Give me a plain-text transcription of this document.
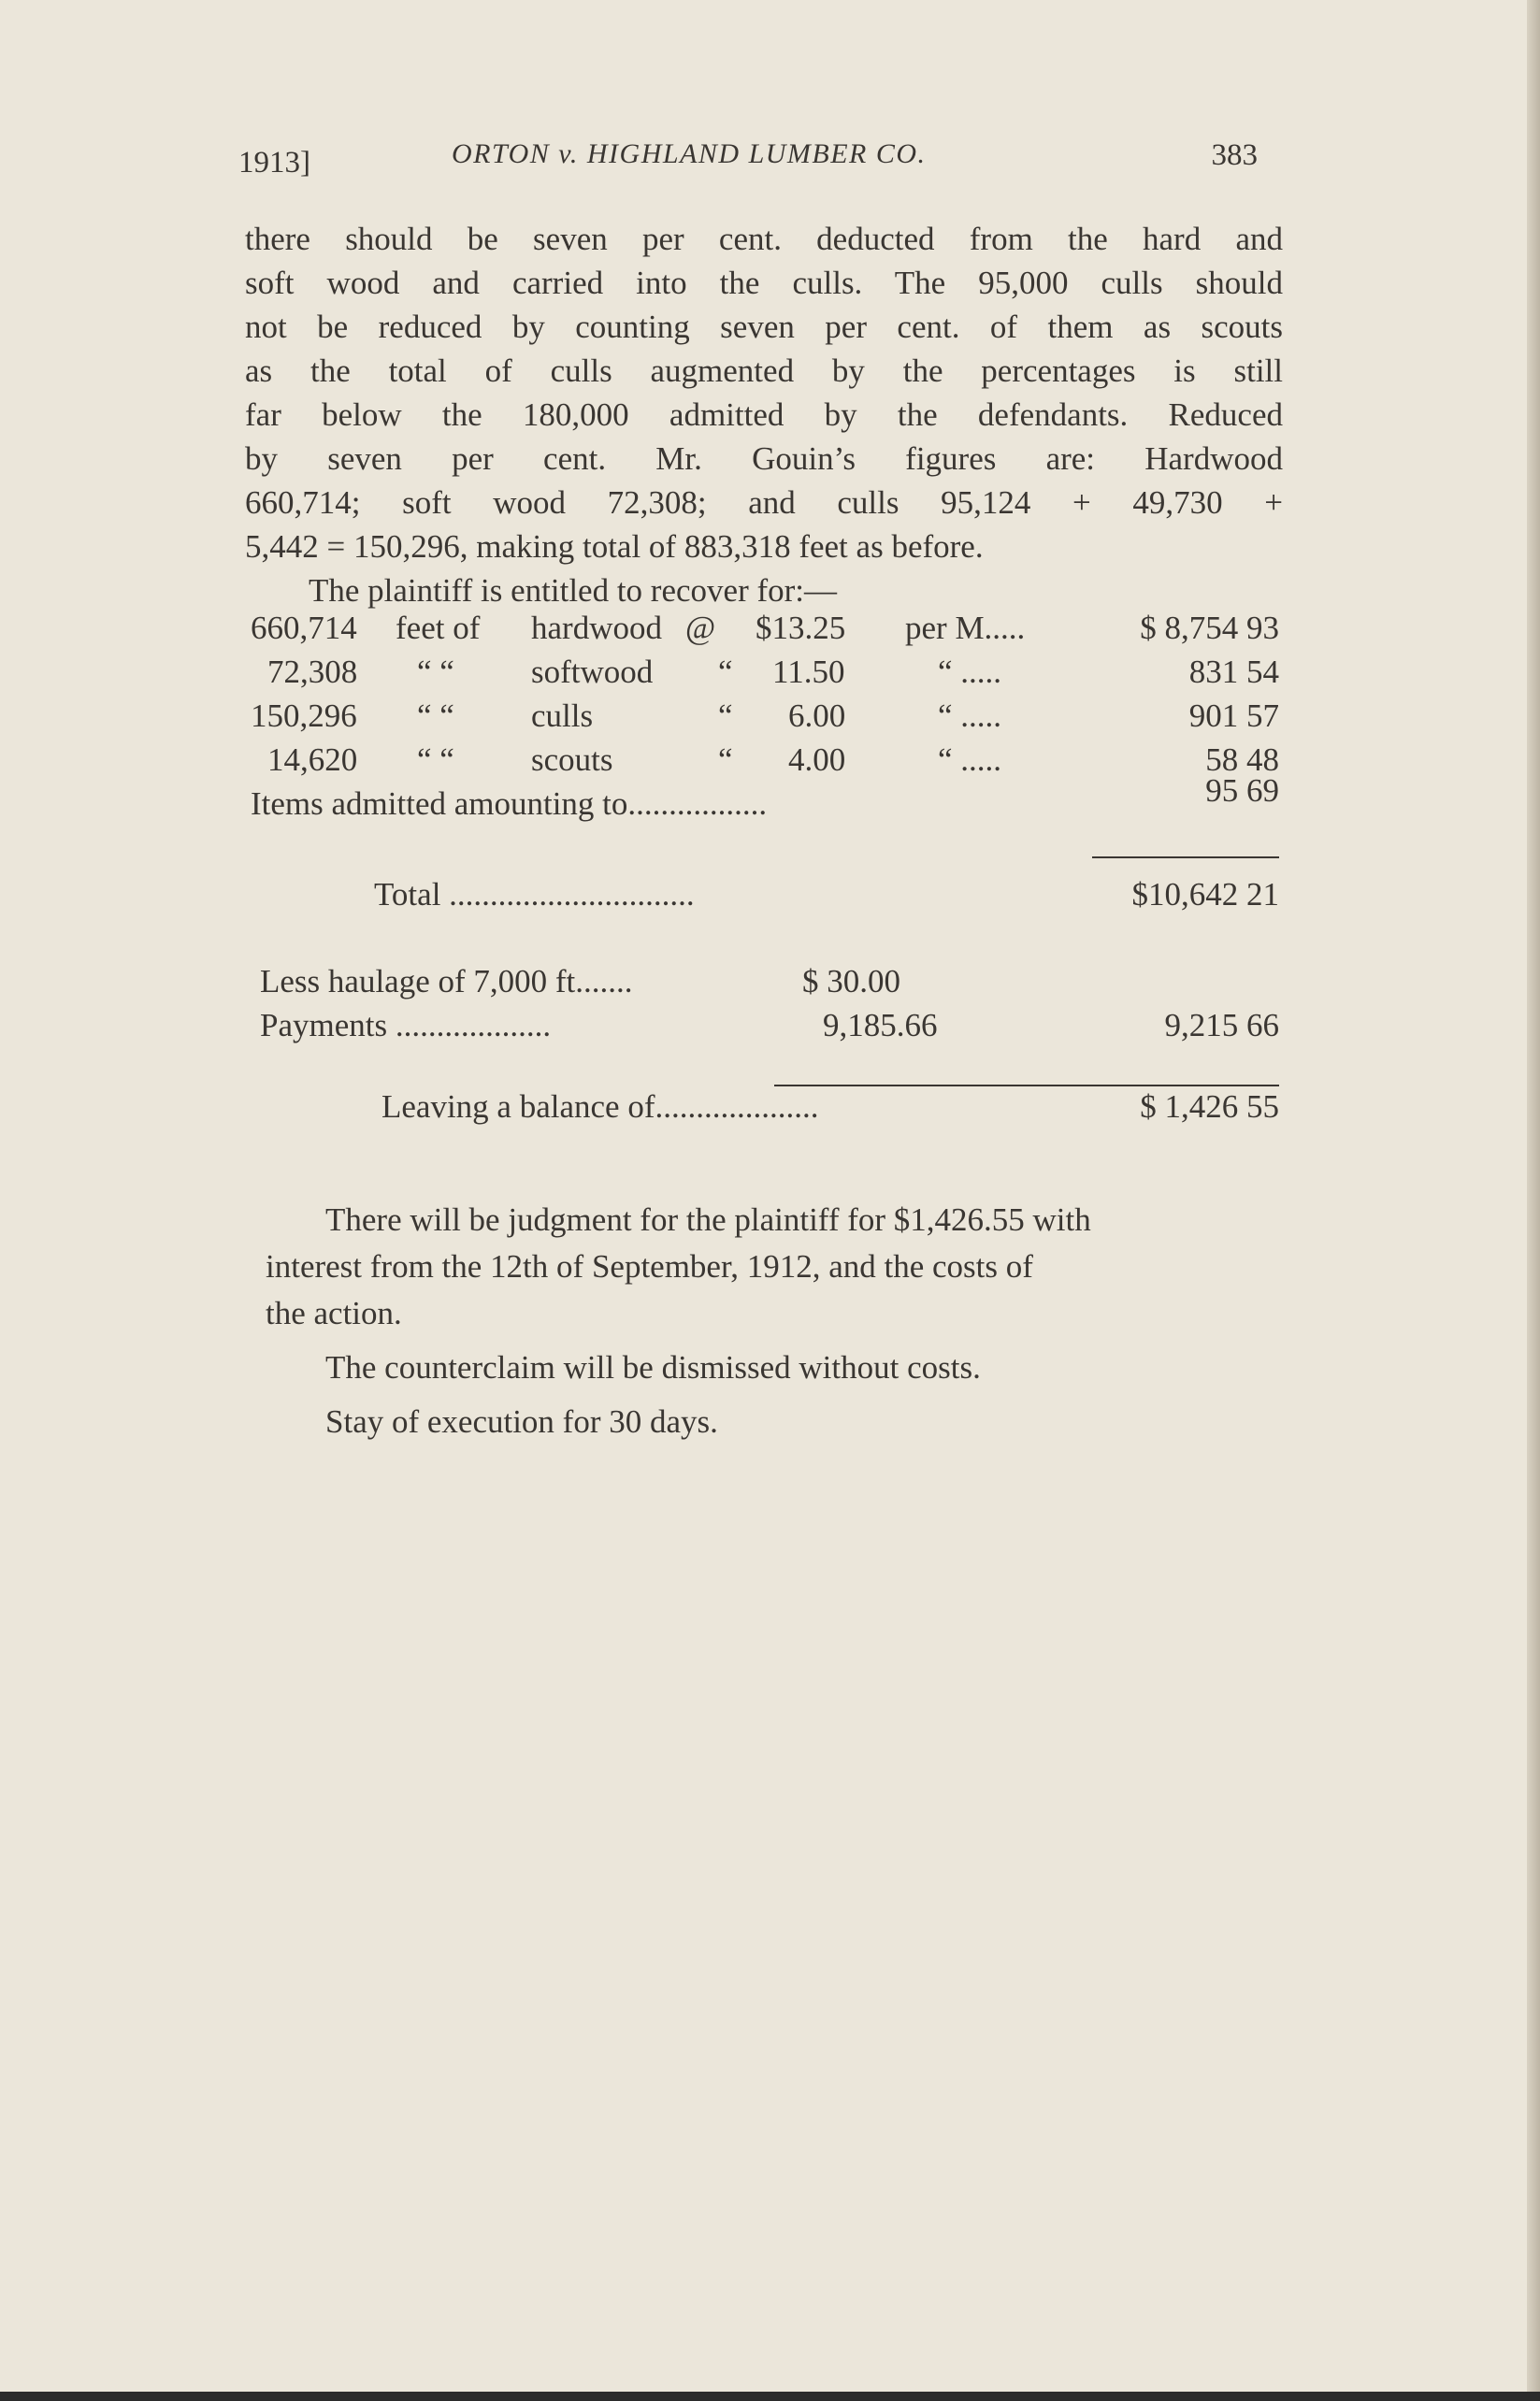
1913]	ORTON v. HIGHLAND LUMBER CO.	383

there should be seven per cent. deducted from the hard and
soft wood and carried into the culls. The 95,000 culls should
not be reduced by counting seven per cent. of them as scouts
as the total of culls augmented by the percentages is still
far below the 180,000 admitted by the defendants. Reduced
by seven per cent. Mr. Gouin’s figures are: Hardwood
660,714; soft wood 72,308; and culls 95,124 + 49,730 +
5,442 = 150,296, making total of 883,318 feet as before.

The plaintiff is entitled to recover for:—

660,714 feet of hardwood @ $13.25 per M.....	$ 8,754 93
72,308 “ “ softwood “ 11.50	“ .....	831 54
150,296 “ “ culls	“ 6.00	“ .....	901 57
14,620 “ “ scouts	“ 4.00	“ .....	58 48
Items admitted amounting to.................	95 69
Total ..............................	$10,642 21
Less haulage of 7,000 ft.......	$ 30.00
Payments ...................	9,185.66	9,215 66
Leaving a balance of....................	$ 1,426 55

There will be judgment for the plaintiff for $1,426.55 with
interest from the 12th of September, 1912, and the costs of
the action.

The counterclaim will be dismissed without costs.

Stay of execution for 30 days.
